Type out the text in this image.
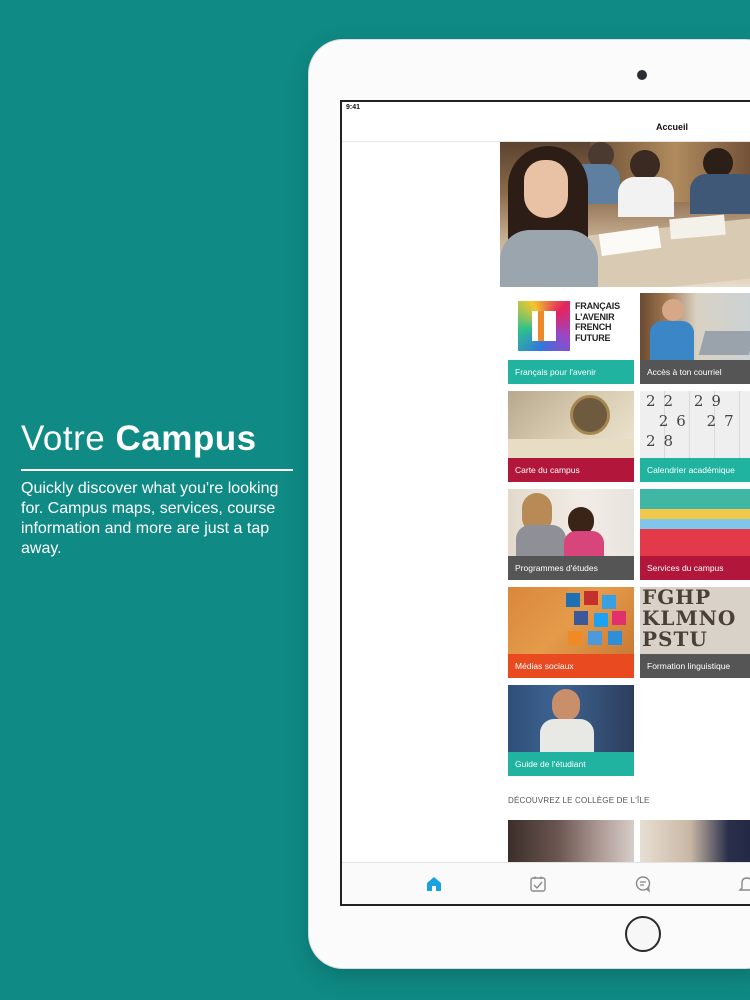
Votre Campus
Quickly discover what you're looking for. Campus maps, services, course information and more are just a tap away.
9:41
Accueil
FRANÇAIS
L'AVENIR
FRENCH
FUTURE
Français pour l'avenir	Accès à ton courriel
Carte du campus
22 29
26 27 28
Calendrier académique
Programmes d'études	Services du campus
Médias sociaux
FGHP
KLMNO
PSTU
Formation linguistique
Guide de l'étudiant
DÉCOUVREZ LE COLLÈGE DE L'ÎLE
